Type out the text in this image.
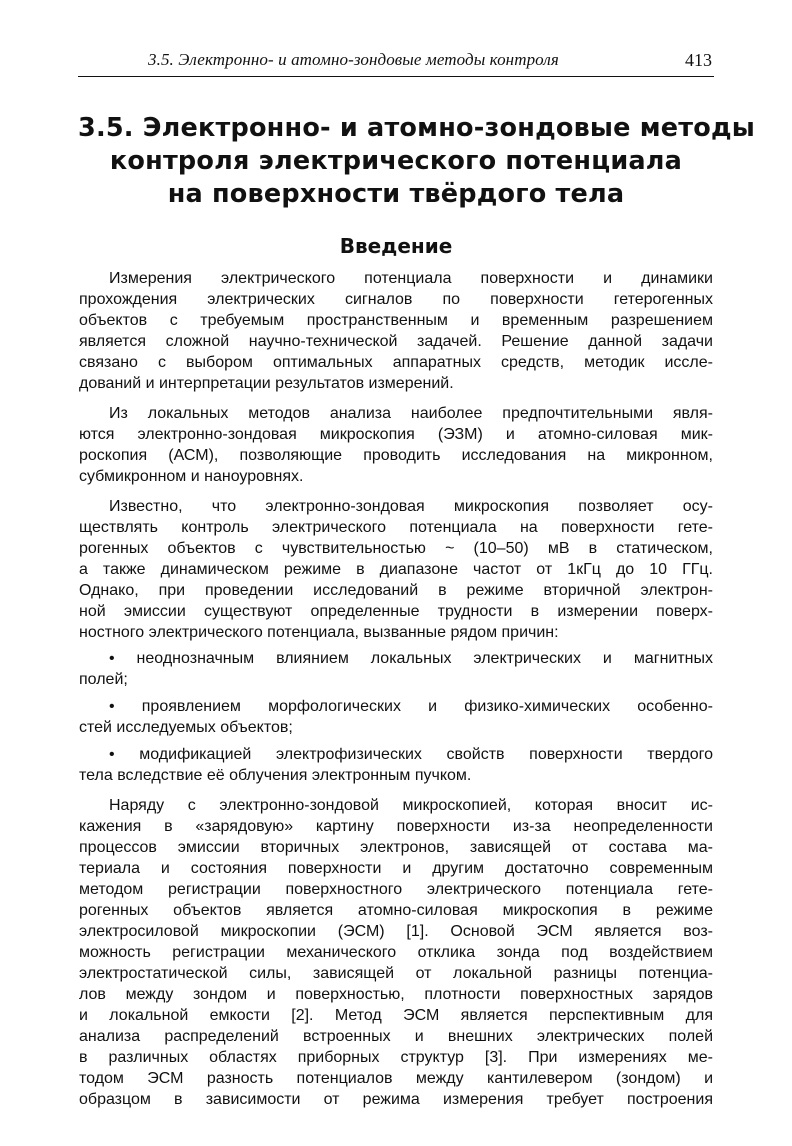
3.5. Электронно- и атомно-зондовые методы контроля	413
3.5. Электронно- и атомно-зондовые методы
контроля электрического потенциала
на поверхности твёрдого тела
Введение
Измерения электрического потенциала поверхности и динамики
прохождения электрических сигналов по поверхности гетерогенных
объектов с требуемым пространственным и временным разрешением
является сложной научно-технической задачей. Решение данной задачи
связано с выбором оптимальных аппаратных средств, методик иссле-
дований и интерпретации результатов измерений.
Из локальных методов анализа наиболее предпочтительными явля-
ются электронно-зондовая микроскопия (ЭЗМ) и атомно-силовая мик-
роскопия (АСМ), позволяющие проводить исследования на микронном,
субмикронном и наноуровнях.
Известно, что электронно-зондовая микроскопия позволяет осу-
ществлять контроль электрического потенциала на поверхности гете-
рогенных объектов с чувствительностью ~ (10–50) мВ в статическом,
а также динамическом режиме в диапазоне частот от 1кГц до 10 ГГц.
Однако, при проведении исследований в режиме вторичной электрон-
ной эмиссии существуют определенные трудности в измерении поверх-
ностного электрического потенциала, вызванные рядом причин:
• неоднозначным влиянием локальных электрических и магнитных
полей;
• проявлением морфологических и физико-химических особенно-
стей исследуемых объектов;
• модификацией электрофизических свойств поверхности твердого
тела вследствие её облучения электронным пучком.
Наряду с электронно-зондовой микроскопией, которая вносит ис-
кажения в «зарядовую» картину поверхности из-за неопределенности
процессов эмиссии вторичных электронов, зависящей от состава ма-
териала и состояния поверхности и другим достаточно современным
методом регистрации поверхностного электрического потенциала гете-
рогенных объектов является атомно-силовая микроскопия в режиме
электросиловой микроскопии (ЭСМ) [1]. Основой ЭСМ является воз-
можность регистрации механического отклика зонда под воздействием
электростатической силы, зависящей от локальной разницы потенциа-
лов между зондом и поверхностью, плотности поверхностных зарядов
и локальной емкости [2]. Метод ЭСМ является перспективным для
анализа распределений встроенных и внешних электрических полей
в различных областях приборных структур [3]. При измерениях ме-
тодом ЭСМ разность потенциалов между кантилевером (зондом) и
образцом в зависимости от режима измерения требует построения
